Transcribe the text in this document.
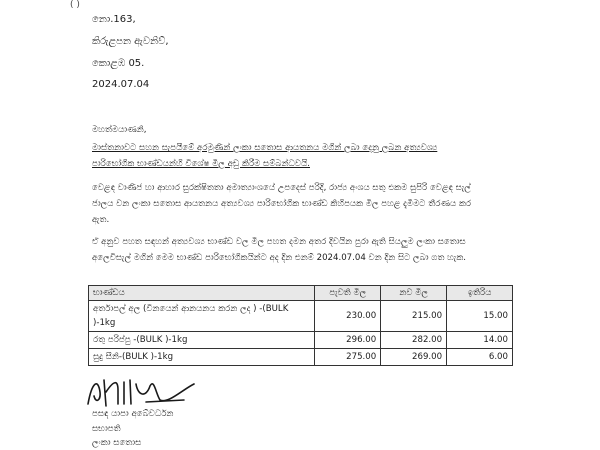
( )
නො.163,
කිරුළපන ඇවනිව්,
කොළඹ 05.
2024.07.04
මහත්මයාණනි,
මාස්තනාවට සහන සැපයීමේ අරමුණින් ලංකා සතොස ආයතනය මගින් ලබා දෙනු ලබන අත්‍යවශ්‍ය
පාරිභෝගික භාණ්ඩයන්හි විශේෂ මිල අඩු කිරීම සම්බන්ධවයි.
වෙළඳ වාණිජ හා ආහාර සුරක්ෂිතතා අමාත්‍යාංශයේ උපදෙස් පරිදි, රාජ්‍ය අංශය සතු එකම සුපිරි වෙළඳ සැල්
ජාලය වන ලංකා සතොස ආයතනය අත්‍යවශ්‍ය පාරිභෝගික භාණ්ඩ කිහිපයක මිල පහළ දැමීමට තීරණය කර
ඇත.
ඒ අනුව පහත සඳහන් අත්‍යවශ්‍ය භාණ්ඩ වල මිල පහත දමන අතර දිවයින පුරා ඇති සියලුම ලංකා සතොස
අලෙවිසැල් මගින් මෙම භාණ්ඩ පාරිභෝගිකයින්ට අද දින එනම් 2024.07.04 වන දින සිට ලබා ගත හැක.
භාණ්ඩය	පැවති මිල	නව මිල	ඉතිරිය
අර්තාපල් අල (විනයෙන් ආනයනය කරන ලද ) -(BULK )-1kg	230.00	215.00	15.00
රතු පරිප්පු -(BULK )-1kg	296.00	282.00	14.00
සුදු සීනි-(BULK )-1kg	275.00	269.00	6.00
පසඳ යාපා අබේවර්ධන
සභාපති
ලංකා සතොස
